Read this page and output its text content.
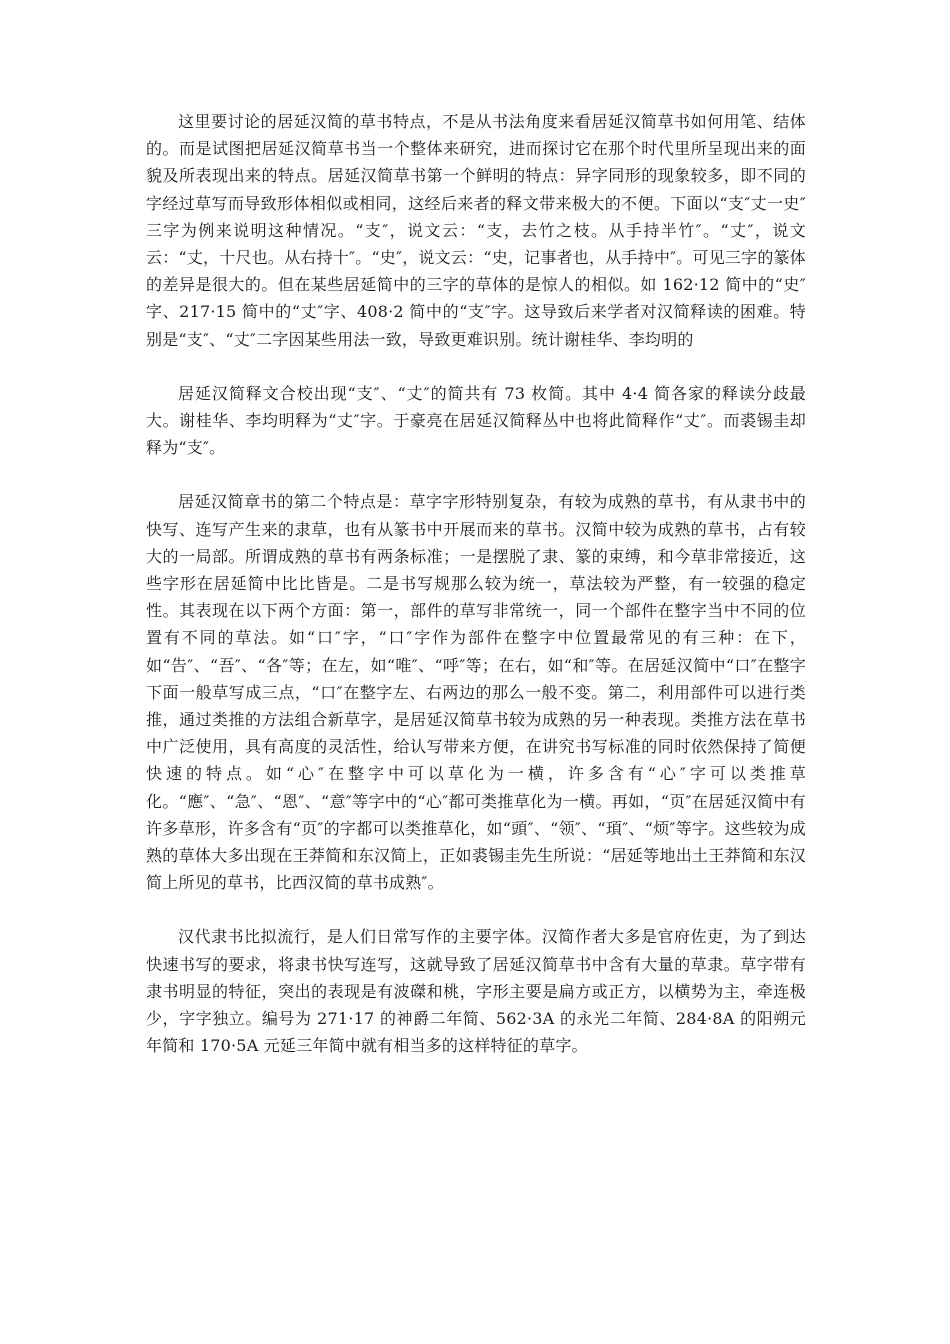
这里要讨论的居延汉简的草书特点，不是从书法角度来看居延汉简草书如何用笔、结体的。而是试图把居延汉简草书当一个整体来研究，进而探讨它在那个时代里所呈现出来的面貌及所表现出来的特点。居延汉简草书第一个鲜明的特点：异字同形的现象较多，即不同的字经过草写而导致形体相似或相同，这经后来者的释文带来极大的不便。下面以“支″丈一史″三字为例来说明这种情况。“支″，说文云：“支，去竹之枝。从手持半竹″。“丈″，说文云：“丈，十尺也。从右持十″。“史″，说文云：“史，记事者也，从手持中″。可见三字的篆体的差异是很大的。但在某些居延简中的三字的草体的是惊人的相似。如 162·12 简中的“史″字、217·15 简中的“丈″字、408·2 简中的“支″字。这导致后来学者对汉简释读的困难。特别是“支″、“丈″二字因某些用法一致，导致更难识别。统计谢桂华、李均明的

居延汉简释文合校出现“支″、“丈″的简共有 73 枚简。其中 4·4 简各家的释读分歧最大。谢桂华、李均明释为“丈″字。于豪亮在居延汉简释丛中也将此简释作“丈″。而裘锡圭却释为“支″。

居延汉简章书的第二个特点是：草字字形特别复杂，有较为成熟的草书，有从隶书中的快写、连写产生来的隶草，也有从篆书中开展而来的草书。汉简中较为成熟的草书，占有较大的一局部。所谓成熟的草书有两条标准；一是摆脱了隶、篆的束缚，和今草非常接近，这些字形在居延简中比比皆是。二是书写规那么较为统一，草法较为严整，有一较强的稳定性。其表现在以下两个方面：第一，部件的草写非常统一，同一个部件在整字当中不同的位置有不同的草法。如“口″字，“口″字作为部件在整字中位置最常见的有三种：在下，如“告″、“吾″、“各″等；在左，如“唯″、“呼″等；在右，如“和″等。在居延汉简中“口″在整字下面一般草写成三点，“口″在整字左、右两边的那么一般不变。第二，利用部件可以进行类推，通过类推的方法组合新草字，是居延汉简草书较为成熟的另一种表现。类推方法在草书中广泛使用，具有高度的灵活性，给认写带来方便，在讲究书写标准的同时依然保持了简便快速的特点。如“心″在整字中可以草化为一横，许多含有“心″字可以类推草化。“應″、“急″、“恩″、“意″等字中的“心″都可类推草化为一横。再如，“页″在居延汉简中有许多草形，许多含有“页″的字都可以类推草化，如“頭″、“领″、“頊″、“烦″等字。这些较为成熟的草体大多出现在王莽简和东汉简上，正如裘锡圭先生所说：“居延等地出土王莽简和东汉简上所见的草书，比西汉简的草书成熟″。

汉代隶书比拟流行，是人们日常写作的主要字体。汉简作者大多是官府佐吏，为了到达快速书写的要求，将隶书快写连写，这就导致了居延汉简草书中含有大量的草隶。草字带有隶书明显的特征，突出的表现是有波磔和桃，字形主要是扁方或正方，以横势为主，牵连极少，字字独立。编号为 271·17 的神爵二年简、562·3A 的永光二年简、284·8A 的阳朔元年简和 170·5A 元延三年简中就有相当多的这样特征的草字。
